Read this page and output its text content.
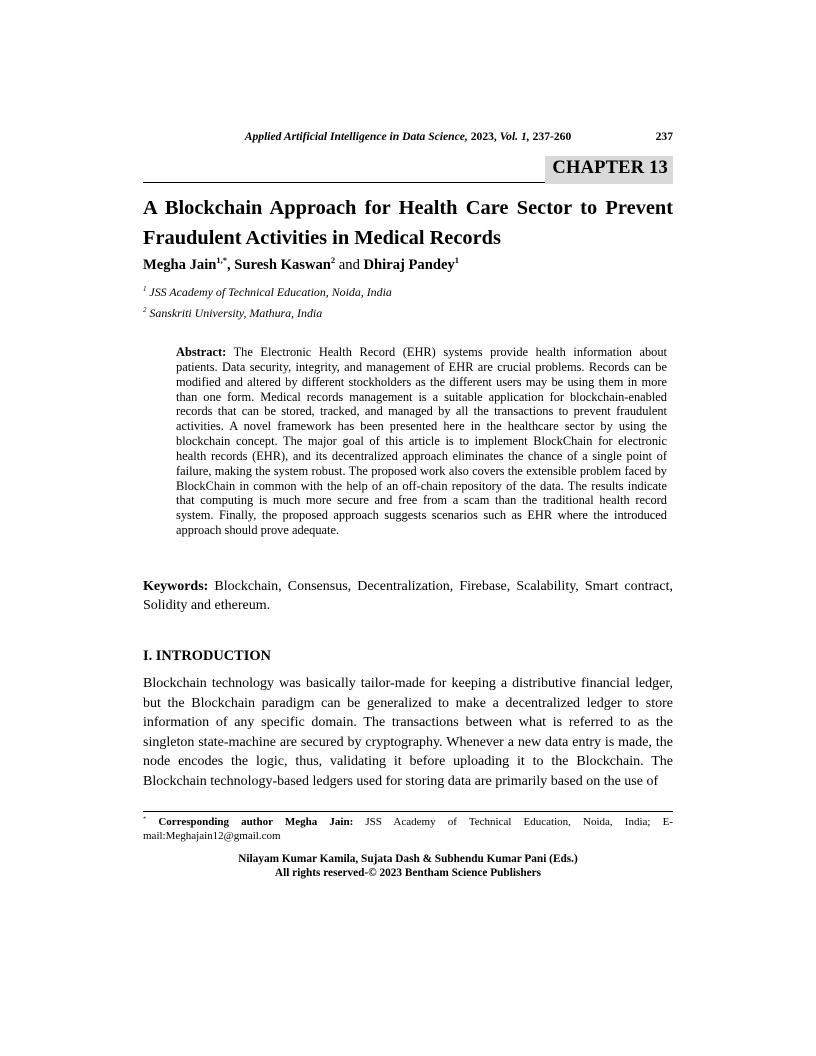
Applied Artificial Intelligence in Data Science, 2023, Vol. 1, 237-260	237
CHAPTER 13
A Blockchain Approach for Health Care Sector to Prevent Fraudulent Activities in Medical Records
Megha Jain$^{1,*}$, Suresh Kaswan$^2$ and Dhiraj Pandey$^1$
$^1$ JSS Academy of Technical Education, Noida, India
$^2$ Sanskriti University, Mathura, India
Abstract: The Electronic Health Record (EHR) systems provide health information about patients. Data security, integrity, and management of EHR are crucial problems. Records can be modified and altered by different stockholders as the different users may be using them in more than one form. Medical records management is a suitable application for blockchain-enabled records that can be stored, tracked, and managed by all the transactions to prevent fraudulent activities. A novel framework has been presented here in the healthcare sector by using the blockchain concept. The major goal of this article is to implement BlockChain for electronic health records (EHR), and its decentralized approach eliminates the chance of a single point of failure, making the system robust. The proposed work also covers the extensible problem faced by BlockChain in common with the help of an off-chain repository of the data. The results indicate that computing is much more secure and free from a scam than the traditional health record system. Finally, the proposed approach suggests scenarios such as EHR where the introduced approach should prove adequate.
Keywords: Blockchain, Consensus, Decentralization, Firebase, Scalability, Smart contract, Solidity and ethereum.
I. INTRODUCTION

Blockchain technology was basically tailor-made for keeping a distributive financial ledger, but the Blockchain paradigm can be generalized to make a decentralized ledger to store information of any specific domain. The transactions between what is referred to as the singleton state-machine are secured by cryptography. Whenever a new data entry is made, the node encodes the logic, thus, validating it before uploading it to the Blockchain. The Blockchain technology-based ledgers used for storing data are primarily based on the use of

* Corresponding author Megha Jain: JSS Academy of Technical Education, Noida, India; E-mail:Meghajain12@gmail.com
Nilayam Kumar Kamila, Sujata Dash & Subhendu Kumar Pani (Eds.)
All rights reserved-© 2023 Bentham Science Publishers
